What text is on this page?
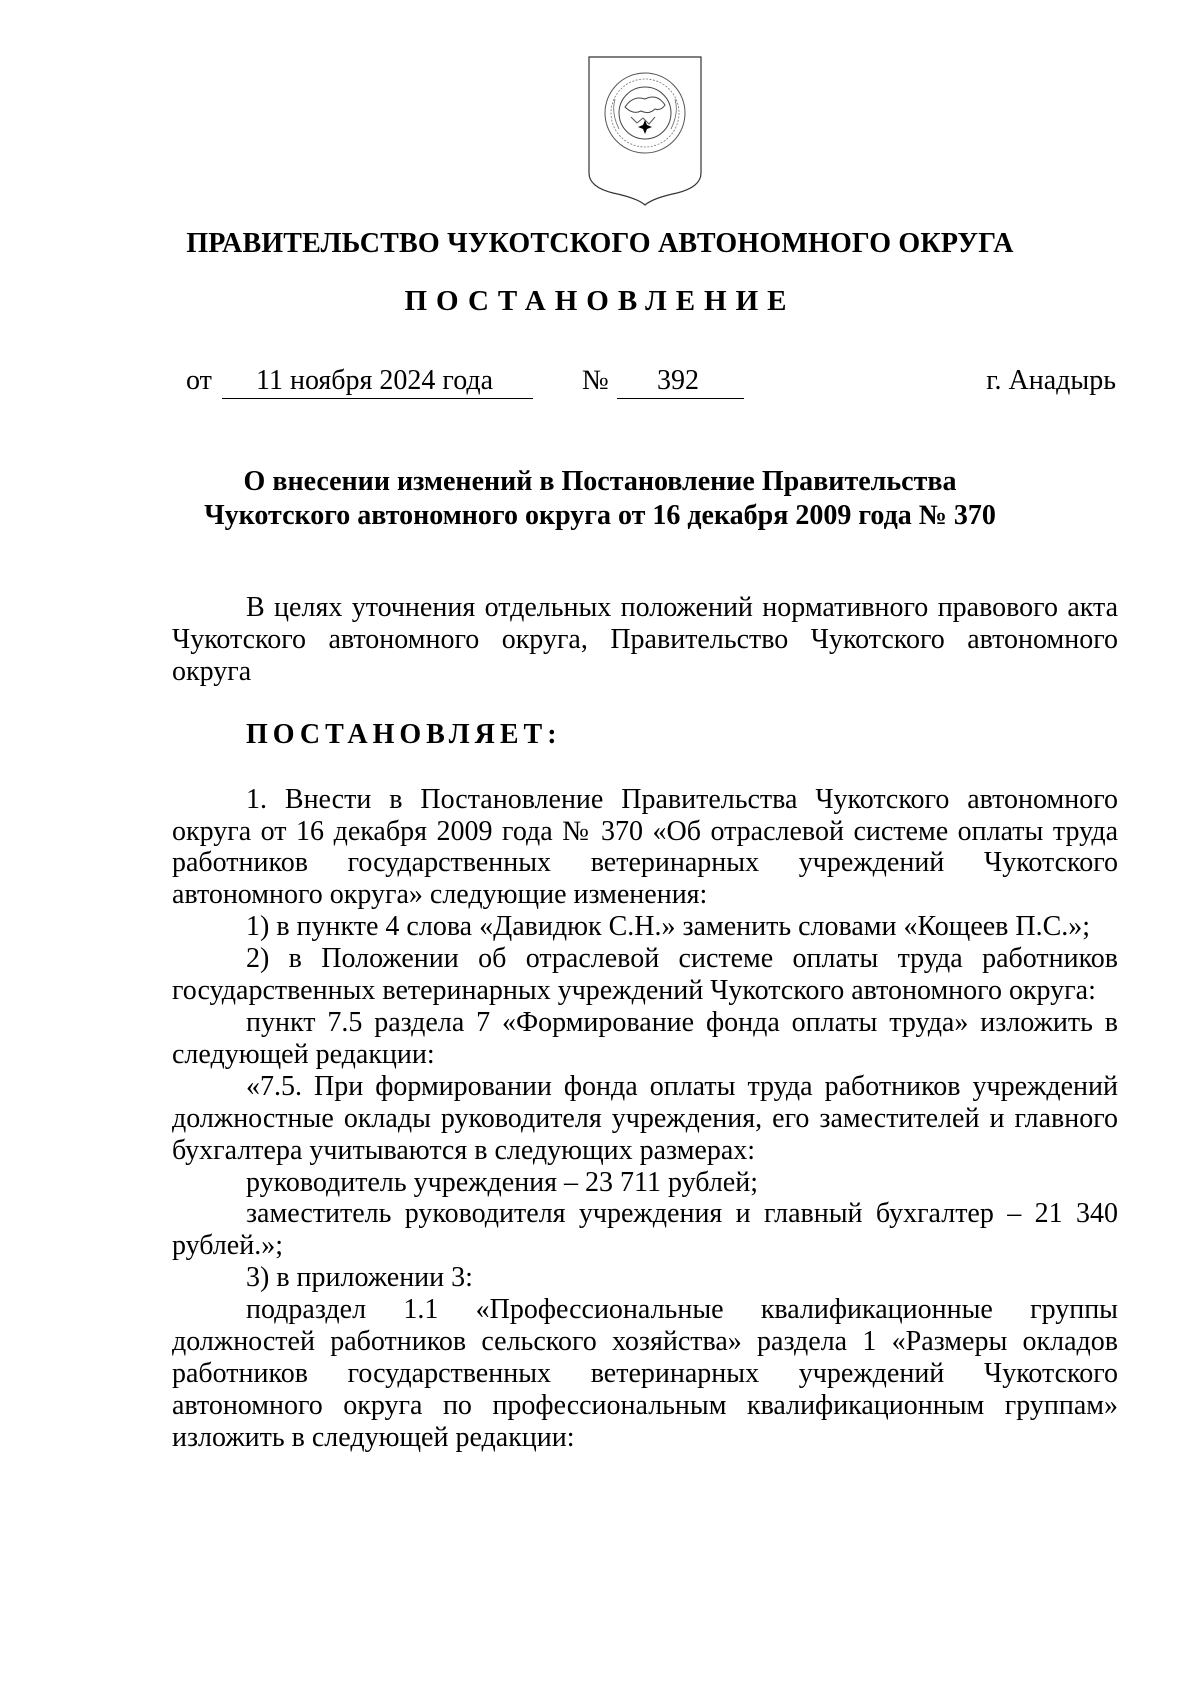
ПРАВИТЕЛЬСТВО ЧУКОТСКОГО АВТОНОМНОГО ОКРУГА
ПОСТАНОВЛЕНИЕ
от 11 ноября 2024 года	№ 392	г. Анадырь
О внесении изменений в Постановление Правительства
Чукотского автономного округа от 16 декабря 2009 года № 370

В целях уточнения отдельных положений нормативного правового акта Чукотского автономного округа, Правительство Чукотского автономного округа

ПОСТАНОВЛЯЕТ:

1. Внести в Постановление Правительства Чукотского автономного округа от 16 декабря 2009 года № 370 «Об отраслевой системе оплаты труда работников государственных ветеринарных учреждений Чукотского автономного округа» следующие изменения:

1) в пункте 4 слова «Давидюк С.Н.» заменить словами «Кощеев П.С.»;

2) в Положении об отраслевой системе оплаты труда работников государственных ветеринарных учреждений Чукотского автономного округа:

пункт 7.5 раздела 7 «Формирование фонда оплаты труда» изложить в следующей редакции:

«7.5. При формировании фонда оплаты труда работников учреждений должностные оклады руководителя учреждения, его заместителей и главного бухгалтера учитываются в следующих размерах:

руководитель учреждения – 23 711 рублей;

заместитель руководителя учреждения и главный бухгалтер – 21 340 рублей.»;

3) в приложении 3:

подраздел 1.1 «Профессиональные квалификационные группы должностей работников сельского хозяйства» раздела 1 «Размеры окладов работников государственных ветеринарных учреждений Чукотского автономного округа по профессиональным квалификационным группам» изложить в следующей редакции:
